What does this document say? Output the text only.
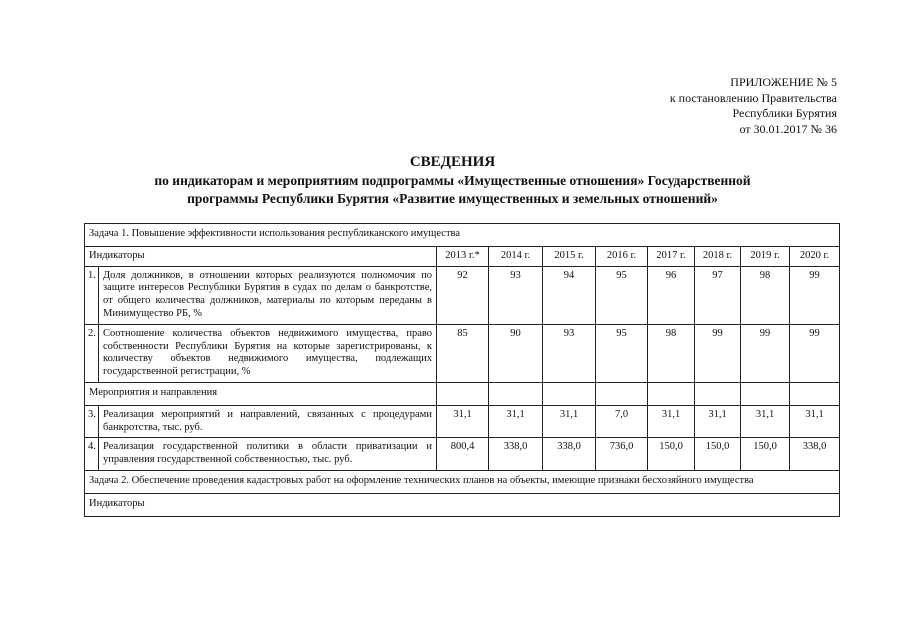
ПРИЛОЖЕНИЕ № 5
к постановлению Правительства
Республики Бурятия
от 30.01.2017 № 36
СВЕДЕНИЯ
по индикаторам и мероприятиям подпрограммы «Имущественные отношения» Государственной
программы Республики Бурятия «Развитие имущественных и земельных отношений»
Задача 1. Повышение эффективности использования республиканского имущества									
Индикаторы		2013 г.*	2014 г.	2015 г.	2016 г.	2017 г.	2018 г.	2019 г.	2020 г.
1.	Доля должников, в отношении которых реализуются полномочия по защите интересов Республики Бурятия в судах по делам о банкротстве, от общего количества должников, материалы по которым переданы в Минимущество РБ, %	92	93	94	95	96	97	98	99
2.	Соотношение количества объектов недвижимого имущества, право собственности Республики Бурятия на которые зарегистрированы, к количеству объектов недвижимого имущества, подлежащих государственной регистрации, %	85	90	93	95	98	99	99	99
Мероприятия и направления									
3.	Реализация мероприятий и направлений, связанных с процедурами банкротства, тыс. руб.	31,1	31,1	31,1	7,0	31,1	31,1	31,1	31,1
4.	Реализация государственной политики в области приватизации и управления государственной собственностью, тыс. руб.	800,4	338,0	338,0	736,0	150,0	150,0	150,0	338,0
Задача 2. Обеспечение проведения кадастровых работ на оформление технических планов на объекты, имеющие признаки бесхозяйного имущества									
Индикаторы									
